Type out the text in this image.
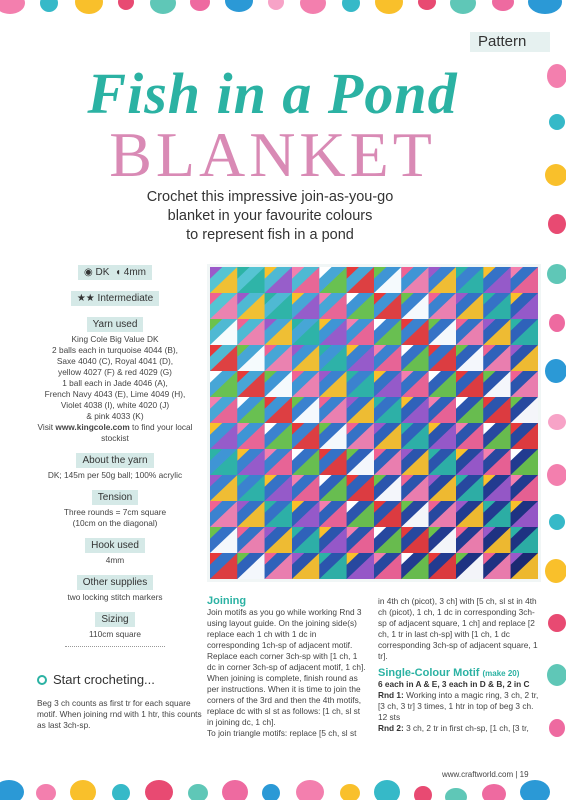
Pattern
Fish in a Pond
BLANKET
Crochet this impressive join-as-you-go
blanket in your favourite colours
to represent fish in a pond
◉ DK ◖ 4mm
★★ Intermediate
Yarn used
King Cole Big Value DK
2 balls each in turquoise 4044 (B),
Saxe 4040 (C), Royal 4041 (D),
yellow 4027 (F) & red 4029 (G)
1 ball each in Jade 4046 (A),
French Navy 4043 (E), Lime 4049 (H),
Violet 4038 (I), white 4020 (J)
& pink 4033 (K)
Visit www.kingcole.com to find your local stockist
About the yarn
DK; 145m per 50g ball; 100% acrylic
Tension
Three rounds = 7cm square
(10cm on the diagonal)
Hook used
4mm
Other supplies
two locking stitch markers
Sizing
110cm square
Start crocheting...
Beg 3 ch counts as first tr for each square motif. When joining rnd with 1 htr, this counts as last 3ch-sp.
Joining
Join motifs as you go while working Rnd 3 using layout guide. On the joining side(s) replace each 1 ch with 1 dc in corresponding 1ch-sp of adjacent motif. Replace each corner 3ch-sp with [1 ch, 1 dc in corner 3ch-sp of adjacent motif, 1 ch]. When joining is complete, finish round as per instructions. When it is time to join the corners of the 3rd and then the 4th motifs, replace dc with sl st as follows: [1 ch, sl st in joining dc, 1 ch].
To join triangle motifs: replace [5 ch, sl st
in 4th ch (picot), 3 ch] with [5 ch, sl st in 4th ch (picot), 1 ch, 1 dc in corresponding 3ch-sp of adjacent square, 1 ch] and replace [2 ch, 1 tr in last ch-sp] with [1 ch, 1 dc corresponding 3ch-sp of adjacent square, 1 tr].
Single-Colour Motif (make 20)
6 each in A & E, 3 each in D & B, 2 in C
Rnd 1: Working into a magic ring, 3 ch, 2 tr, [3 ch, 3 tr] 3 times, 1 htr in top of beg 3 ch. 12 sts
Rnd 2: 3 ch, 2 tr in first ch-sp, [1 ch, [3 tr,
www.craftworld.com | 19
